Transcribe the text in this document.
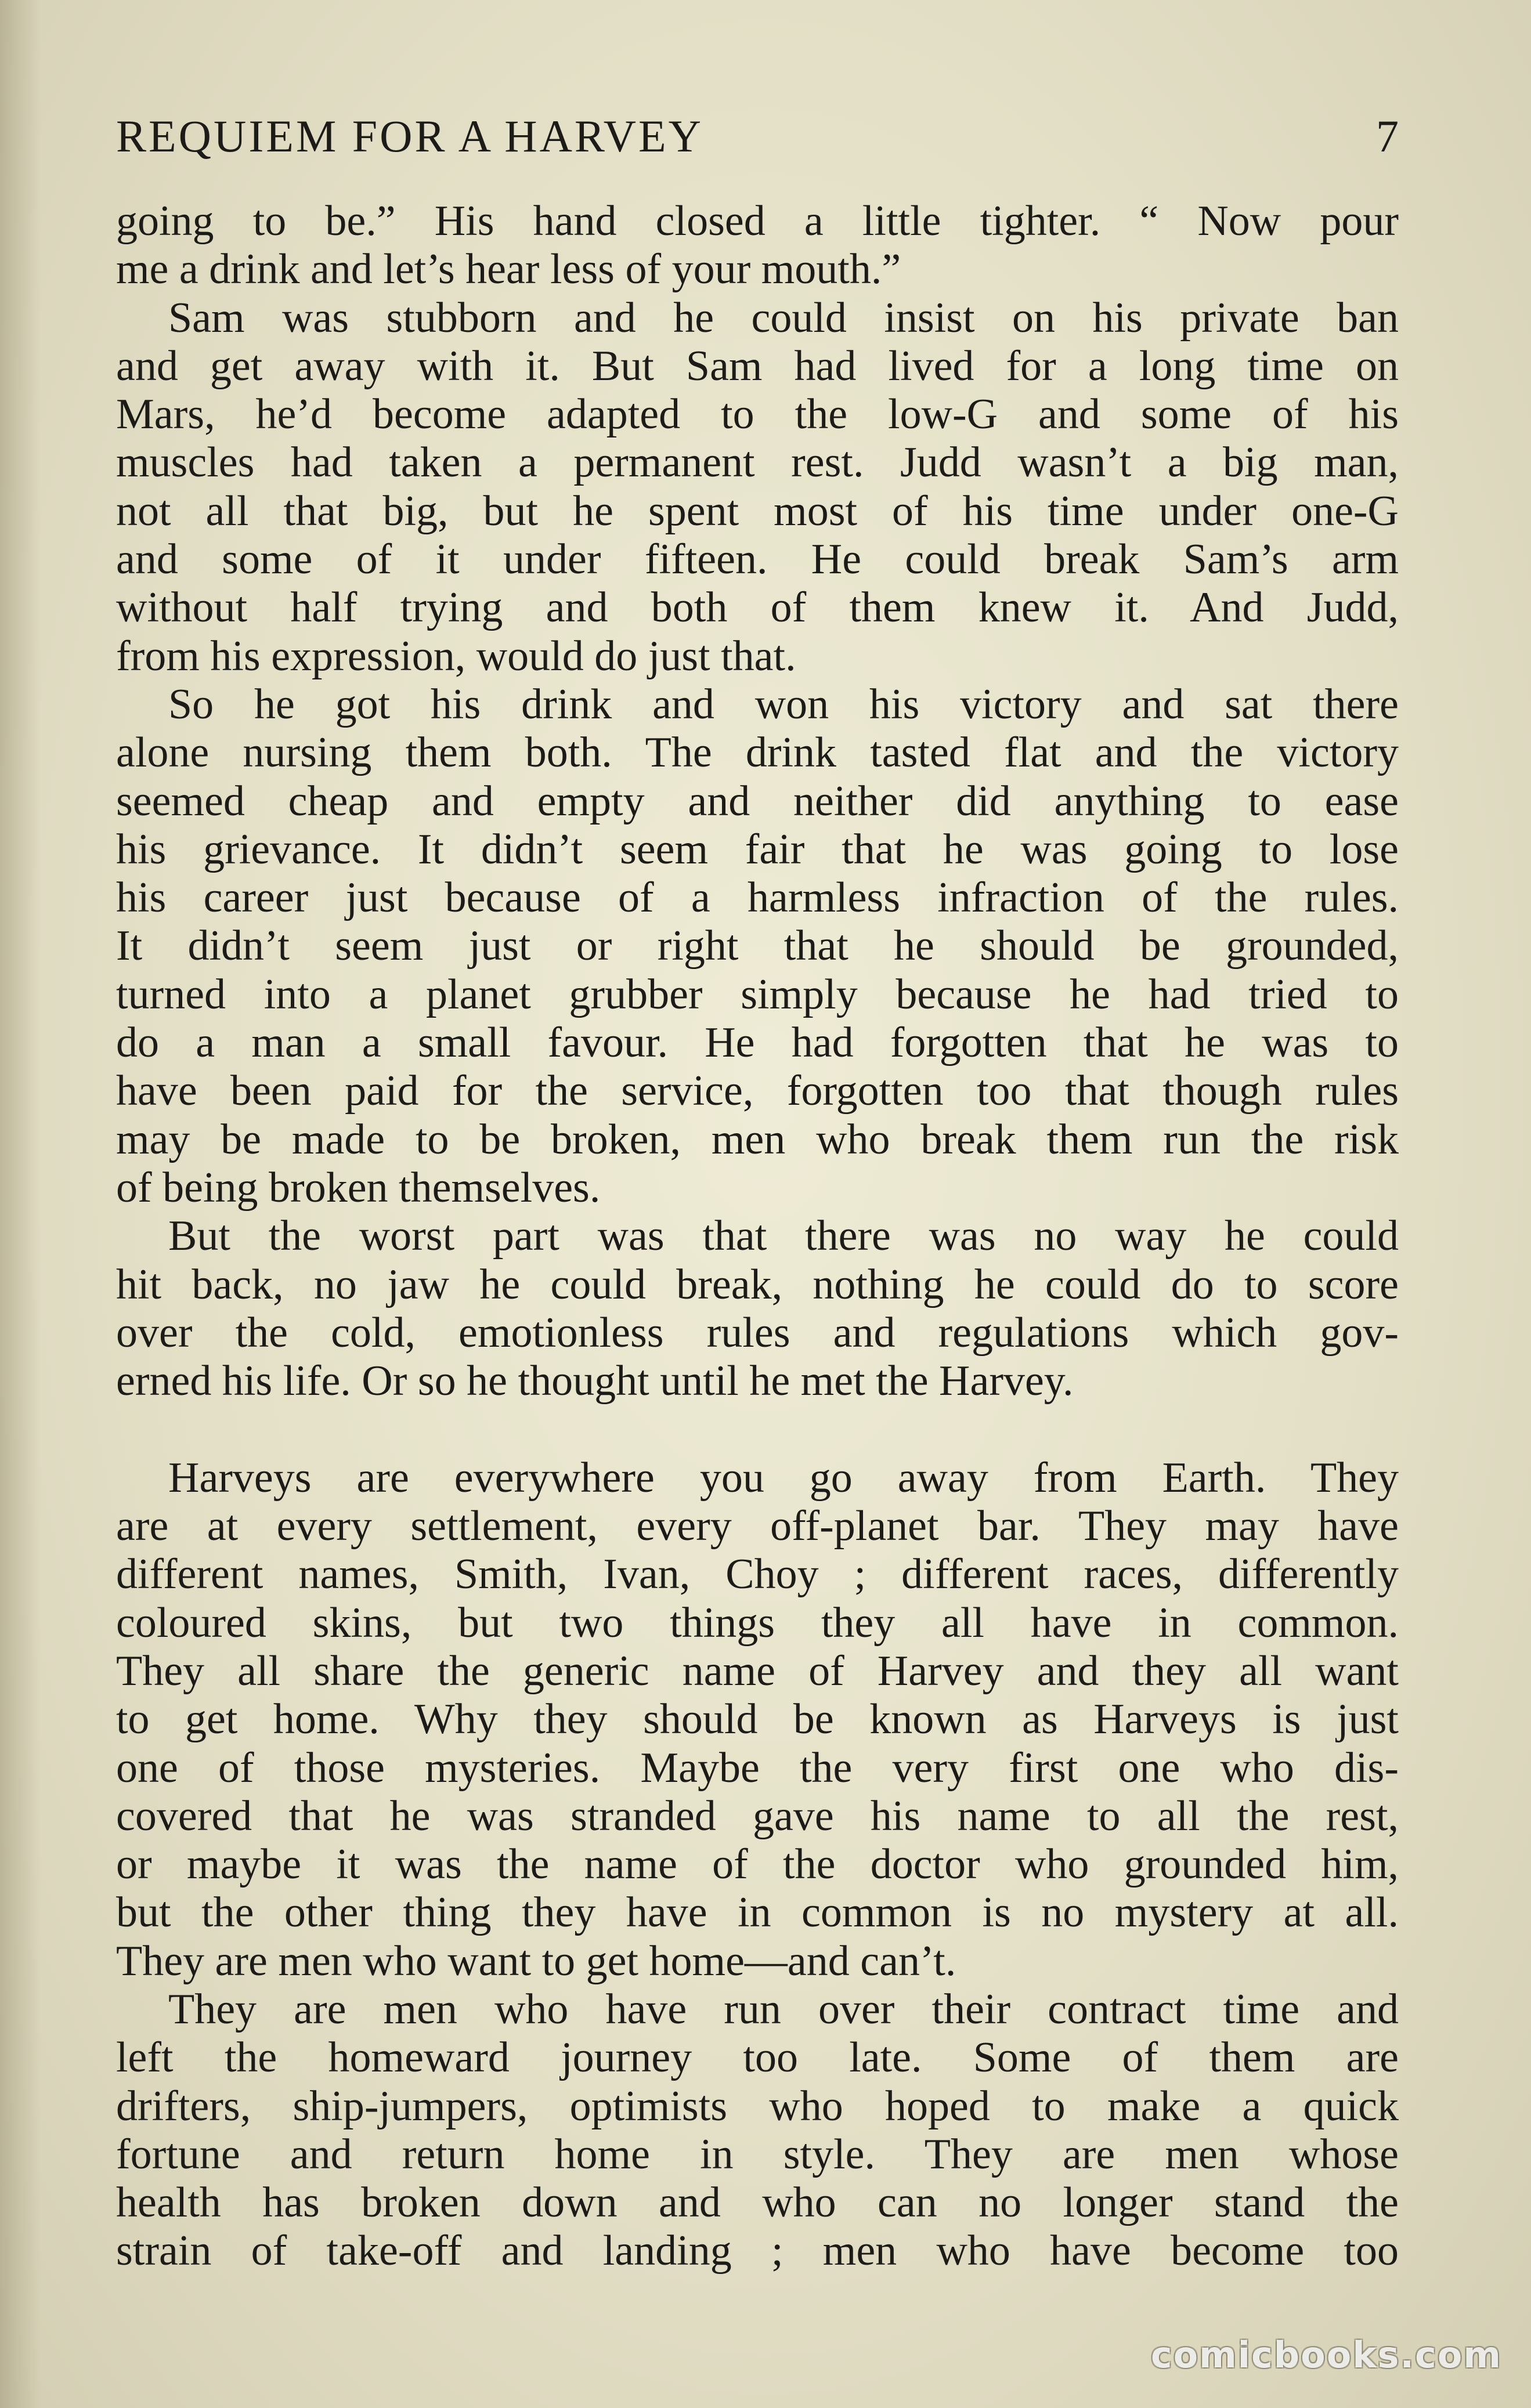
REQUIEM FOR A HARVEY	7
going to be.” His hand closed a little tighter. “ Now pour
me a drink and let’s hear less of your mouth.”
Sam was stubborn and he could insist on his private ban
and get away with it. But Sam had lived for a long time on
Mars, he’d become adapted to the low-G and some of his
muscles had taken a permanent rest. Judd wasn’t a big man,
not all that big, but he spent most of his time under one-G
and some of it under fifteen. He could break Sam’s arm
without half trying and both of them knew it. And Judd,
from his expression, would do just that.
So he got his drink and won his victory and sat there
alone nursing them both. The drink tasted flat and the victory
seemed cheap and empty and neither did anything to ease
his grievance. It didn’t seem fair that he was going to lose
his career just because of a harmless infraction of the rules.
It didn’t seem just or right that he should be grounded,
turned into a planet grubber simply because he had tried to
do a man a small favour. He had forgotten that he was to
have been paid for the service, forgotten too that though rules
may be made to be broken, men who break them run the risk
of being broken themselves.
But the worst part was that there was no way he could
hit back, no jaw he could break, nothing he could do to score
over the cold, emotionless rules and regulations which gov-
erned his life. Or so he thought until he met the Harvey.
Harveys are everywhere you go away from Earth. They
are at every settlement, every off-planet bar. They may have
different names, Smith, Ivan, Choy ; different races, differently
coloured skins, but two things they all have in common.
They all share the generic name of Harvey and they all want
to get home. Why they should be known as Harveys is just
one of those mysteries. Maybe the very first one who dis-
covered that he was stranded gave his name to all the rest,
or maybe it was the name of the doctor who grounded him,
but the other thing they have in common is no mystery at all.
They are men who want to get home—and can’t.
They are men who have run over their contract time and
left the homeward journey too late. Some of them are
drifters, ship-jumpers, optimists who hoped to make a quick
fortune and return home in style. They are men whose
health has broken down and who can no longer stand the
strain of take-off and landing ; men who have become too
comicbooks.com
